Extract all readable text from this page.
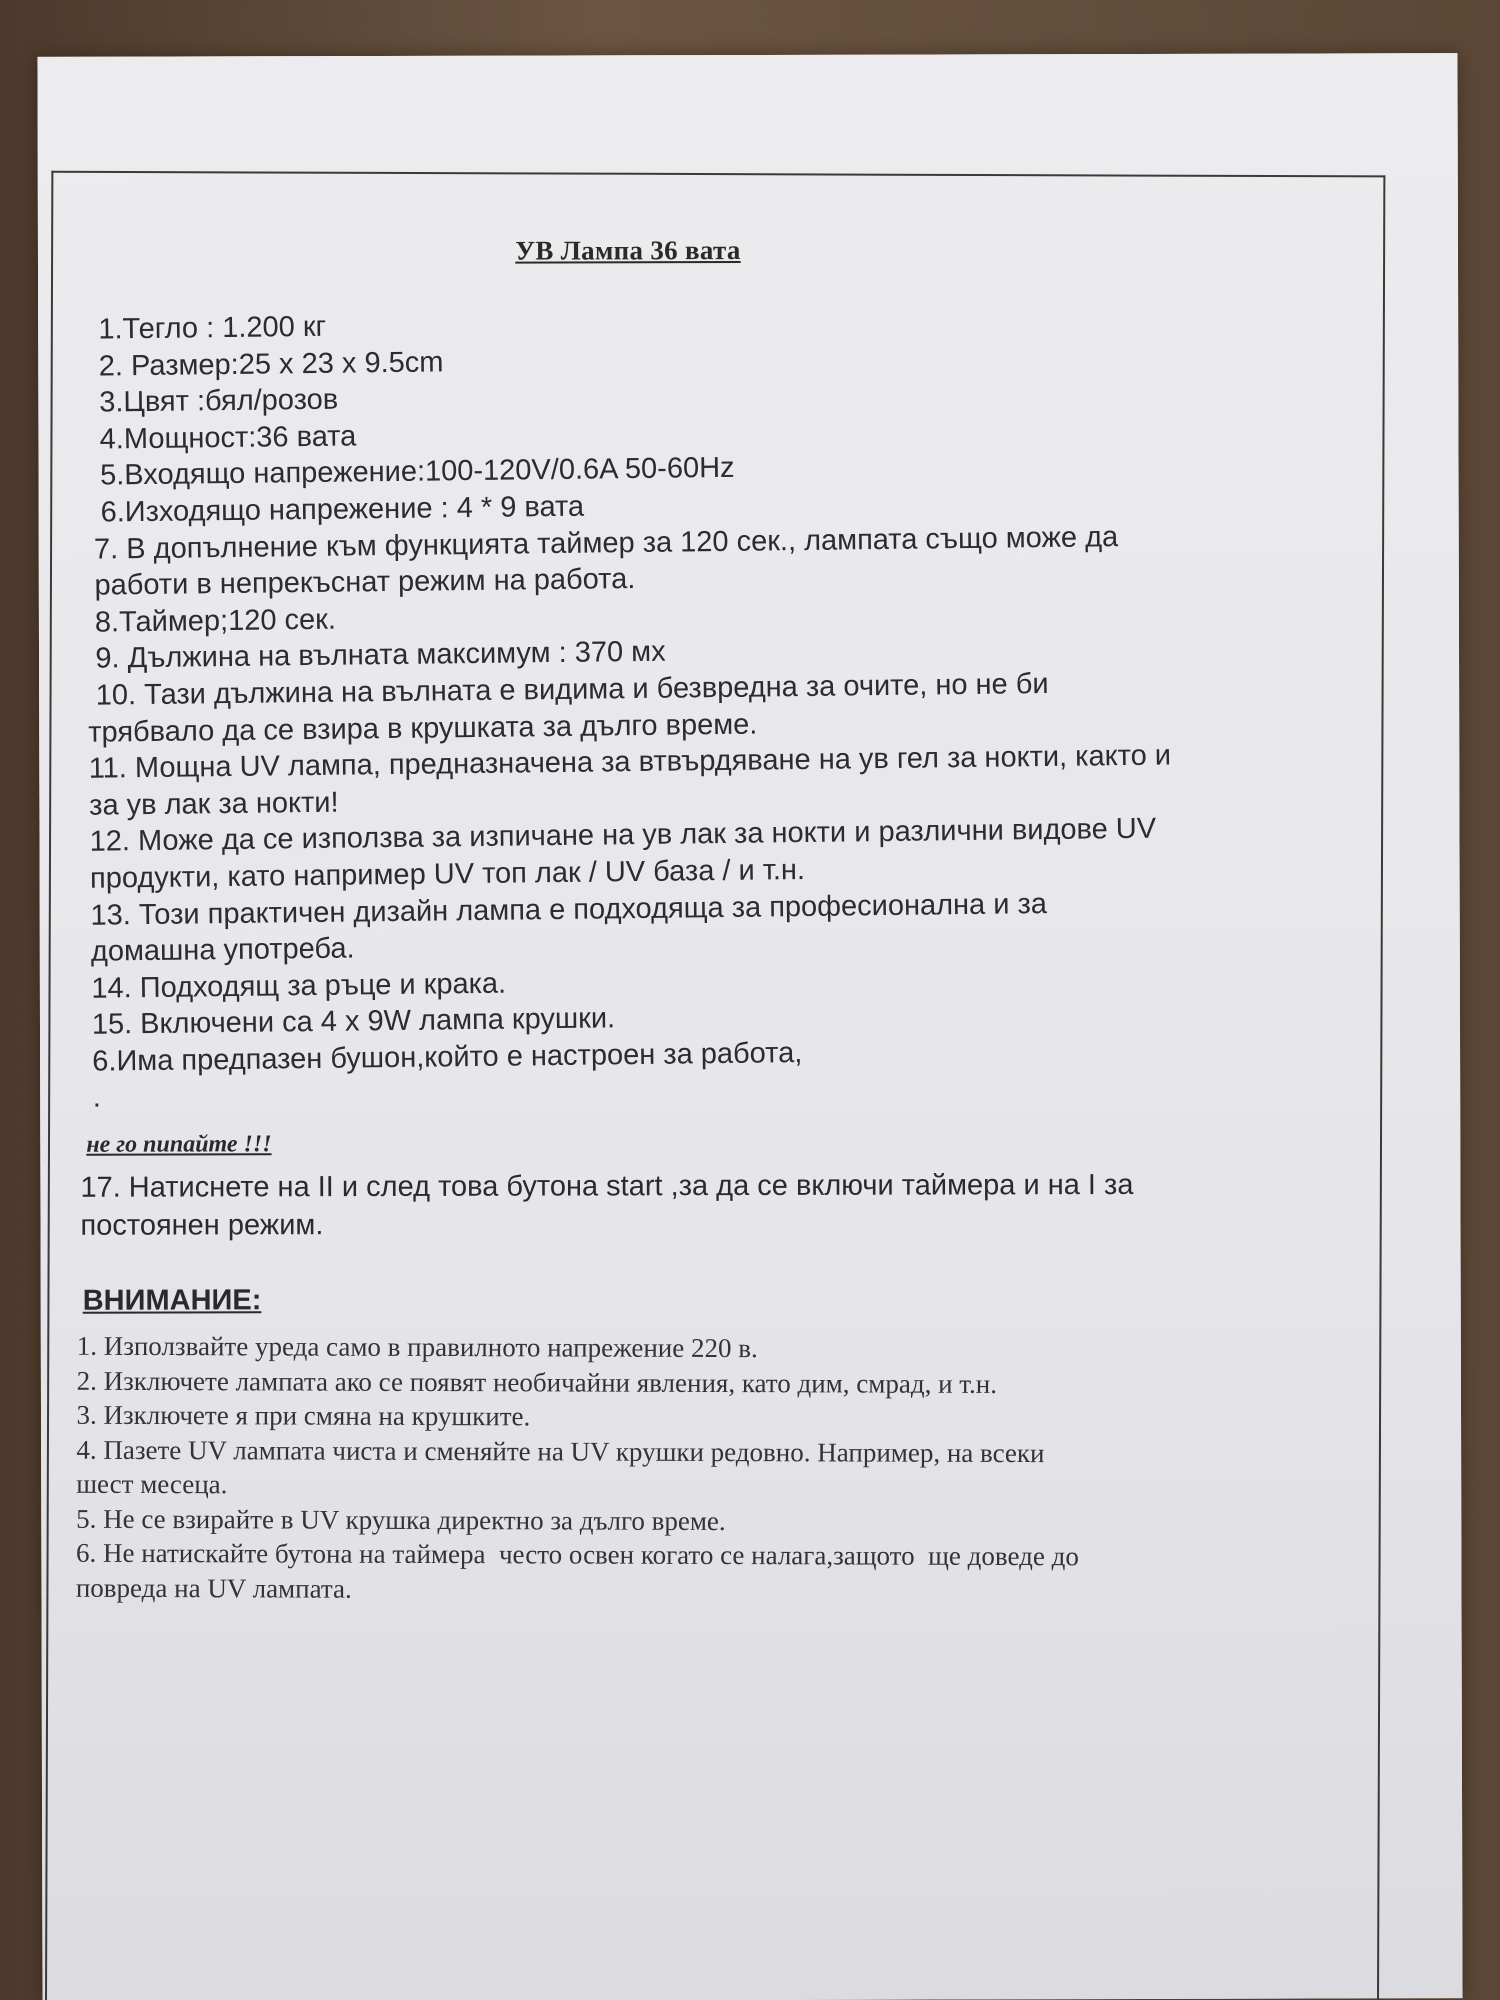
УВ Лампа 36 вата
1.Тегло : 1.200 кг
2. Размер:25 х 23 х 9.5cm
3.Цвят :бял/розов
4.Мощност:36 вата
5.Входящо напрежение:100-120V/0.6A 50-60Hz
6.Изходящо напрежение : 4 * 9 вата
7. В допълнение към функцията таймер за 120 сек., лампата също може да
работи в непрекъснат режим на работа.
8.Таймер;120 сек.
9. Дължина на вълната максимум : 370 мх
10. Тази дължина на вълната е видима и безвредна за очите, но не би
трябвало да се взира в крушката за дълго време.
11. Мощна UV лампа, предназначена за втвърдяване на ув гел за нокти, както и
за ув лак за нокти!
12. Може да се използва за изпичане на ув лак за нокти и различни видове UV
продукти, като например UV топ лак / UV база / и т.н.
13. Този практичен дизайн лампа е подходяща за професионална и за
домашна употреба.
14. Подходящ за ръце и крака.
15. Включени са 4 х 9W лампа крушки.
6.Има предпазен бушон,който е настроен за работа,
.
не го пипайте !!!
17. Натиснете на II и след това бутона start ,за да се включи таймера и на I за
постоянен режим.
ВНИМАНИЕ:
1. Използвайте уреда само в правилното напрежение 220 в.
2. Изключете лампата ако се появят необичайни явления, като дим, смрад, и т.н.
3. Изключете я при смяна на крушките.
4. Пазете UV лампата чиста и сменяйте на UV крушки редовно. Например, на всеки
шест месеца.
5. Не се взирайте в UV крушка директно за дълго време.
6. Не натискайте бутона на таймера  често освен когато се налага,защото  ще доведе до
повреда на UV лампата.
